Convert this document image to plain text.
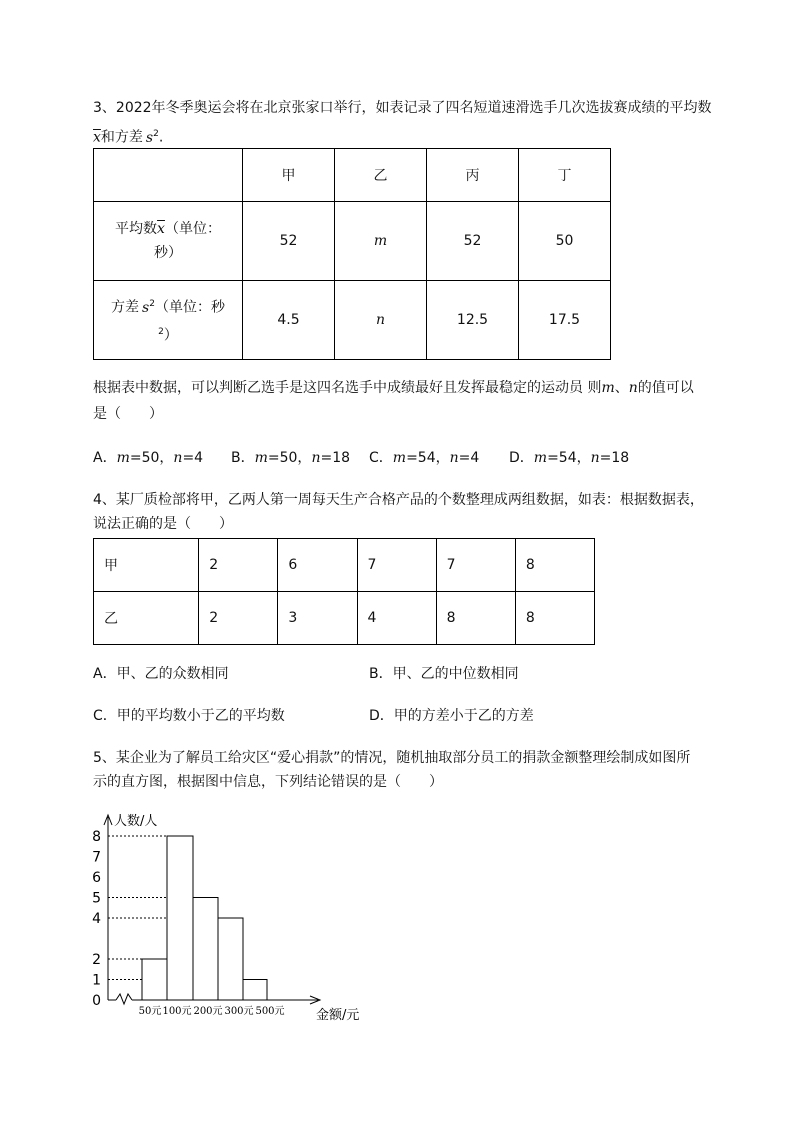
3、2022年冬季奥运会将在北京张家口举行，如表记录了四名短道速滑选手几次选拔赛成绩的平均数
$\overline{x}$和方差 $s^2$.
	甲	乙	丙	丁
平均数$\overline{x}$（单位：
秒）	52	m	52	50
方差 $s^2$（单位：秒
$^2$）	4.5	n	12.5	17.5
根据表中数据，可以判断乙选手是这四名选手中成绩最好且发挥最稳定的运动员 则m、n的值可以
是（　　）
A．m=50，n=4 B．m=50，n=18 C．m=54，n=4 D．m=54，n=18
4、某厂质检部将甲，乙两人第一周每天生产合格产品的个数整理成两组数据，如表：根据数据表，
说法正确的是（　　）
甲	2	6	7	7	8
乙	2	3	4	8	8
A．甲、乙的众数相同	B．甲、乙的中位数相同
C．甲的平均数小于乙的平均数	D．甲的方差小于乙的方差
5、某企业为了解员工给灾区“爱心捐款”的情况，随机抽取部分员工的捐款金额整理绘制成如图所
示的直方图，根据图中信息，下列结论错误的是（　　）
人数/人
金额/元
0
1
2
4
5
6
7
8
50元 100元 200元 300元 500元
